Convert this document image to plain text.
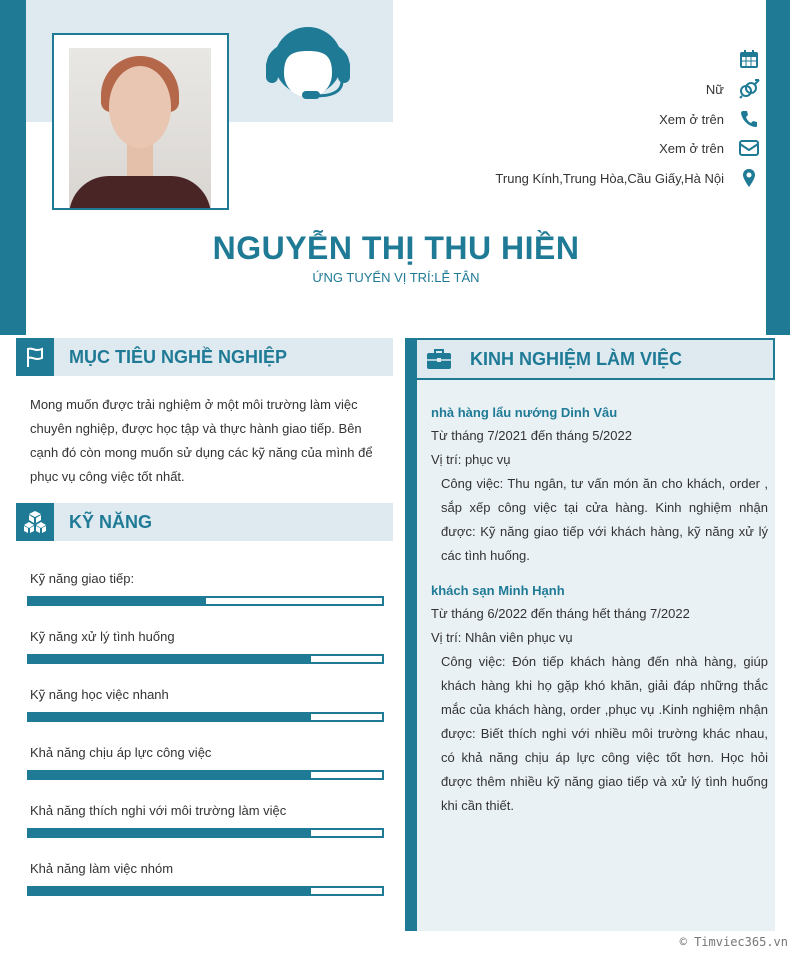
Nữ
Xem ở trên
Xem ở trên
Trung Kính,Trung Hòa,Cầu Giấy,Hà Nội
NGUYỄN THỊ THU HIỀN
ỨNG TUYỂN VỊ TRÍ:LỄ TÂN
MỤC TIÊU NGHỀ NGHIỆP
Mong muốn được trải nghiệm ở một môi trường làm việc chuyên nghiệp, được học tập và thực hành giao tiếp. Bên cạnh đó còn mong muốn sử dụng các kỹ năng của mình để phục vụ công việc tốt nhất.
KỸ NĂNG
Kỹ năng giao tiếp:
Kỹ năng xử lý tình huống
Kỹ năng học việc nhanh
Khả năng chịu áp lực công việc
Khả năng thích nghi với môi trường làm việc
Khả năng làm việc nhóm
KINH NGHIỆM LÀM VIỆC
nhà hàng lẩu nướng Dinh Vâu
Từ tháng 7/2021 đến tháng 5/2022
Vị trí: phục vụ
Công việc: Thu ngân, tư vấn món ăn cho khách, order , sắp xếp công việc tại cửa hàng. Kinh nghiệm nhận được: Kỹ năng giao tiếp với khách hàng, kỹ năng xử lý các tình huống.
khách sạn Minh Hạnh
Từ tháng 6/2022 đến tháng hết tháng 7/2022
Vị trí: Nhân viên phục vụ
Công việc: Đón tiếp khách hàng đến nhà hàng, giúp khách hàng khi họ gặp khó khăn, giải đáp những thắc mắc của khách hàng, order ,phục vụ .Kinh nghiệm nhận được: Biết thích nghi với nhiều môi trường khác nhau, có khả năng chịu áp lực công việc tốt hơn. Học hỏi được thêm nhiều kỹ năng giao tiếp và xử lý tình huống khi cần thiết.
© Timviec365.vn
